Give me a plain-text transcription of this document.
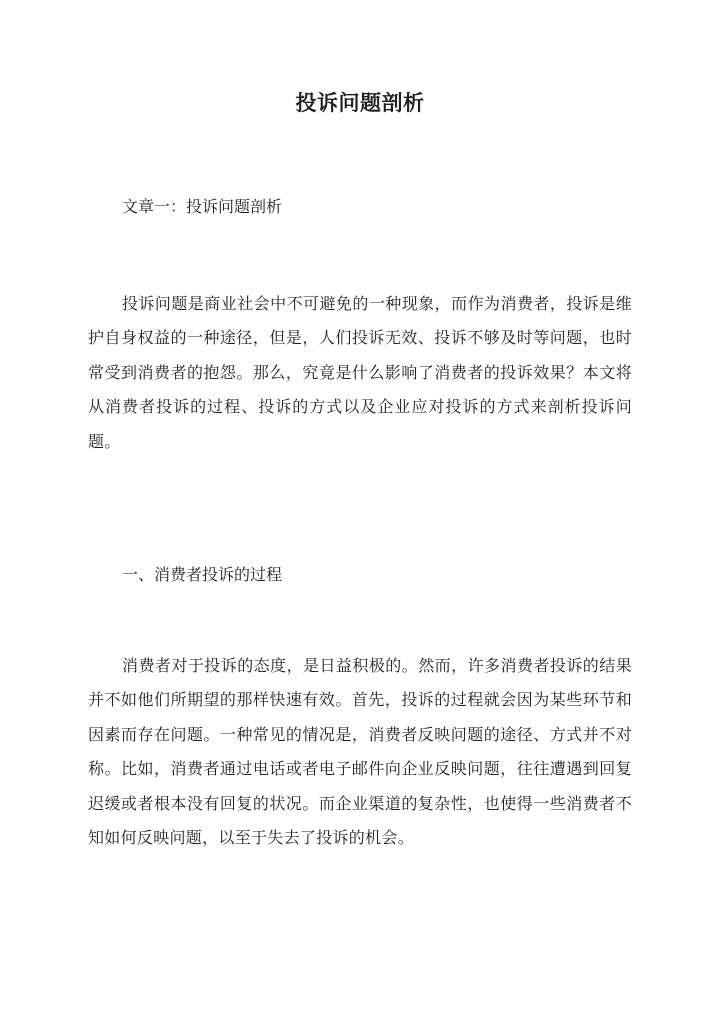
投诉问题剖析

文章一：投诉问题剖析

投诉问题是商业社会中不可避免的一种现象，而作为消费者，投诉是维护自身权益的一种途径，但是，人们投诉无效、投诉不够及时等问题，也时常受到消费者的抱怨。那么，究竟是什么影响了消费者的投诉效果？本文将从消费者投诉的过程、投诉的方式以及企业应对投诉的方式来剖析投诉问题。

一、消费者投诉的过程

消费者对于投诉的态度，是日益积极的。然而，许多消费者投诉的结果并不如他们所期望的那样快速有效。首先，投诉的过程就会因为某些环节和因素而存在问题。一种常见的情况是，消费者反映问题的途径、方式并不对称。比如，消费者通过电话或者电子邮件向企业反映问题，往往遭遇到回复迟缓或者根本没有回复的状况。而企业渠道的复杂性，也使得一些消费者不知如何反映问题，以至于失去了投诉的机会。
